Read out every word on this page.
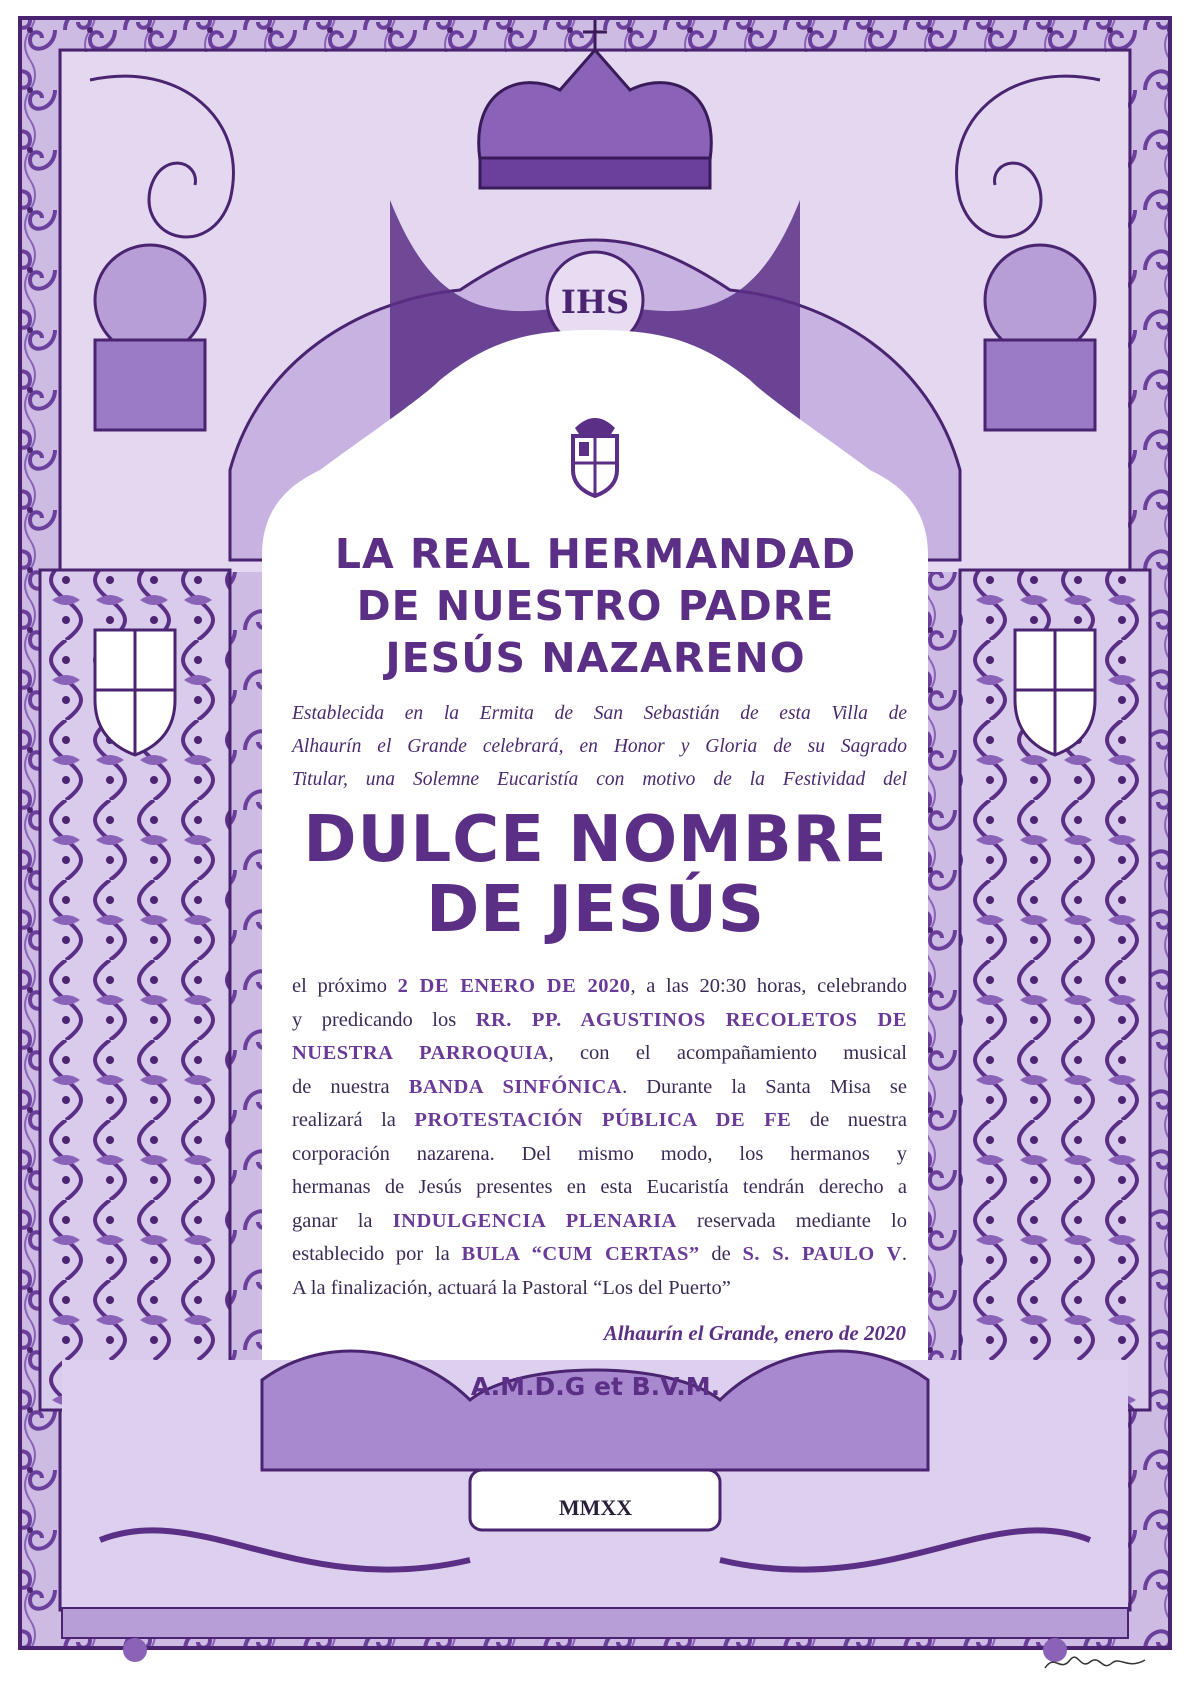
IHS
LA REAL HERMANDAD
DE NUESTRO PADRE
JESÚS NAZARENO
Establecida en la Ermita de San Sebastián de esta Villa de
Alhaurín el Grande celebrará, en Honor y Gloria de su Sagrado
Titular, una Solemne Eucaristía con motivo de la Festividad del
DULCE NOMBRE
DE JESÚS
el próximo 2 DE ENERO DE 2020, a las 20:30 horas, celebrando
y predicando los RR. PP. AGUSTINOS RECOLETOS DE
NUESTRA PARROQUIA, con el acompañamiento musical
de nuestra BANDA SINFÓNICA. Durante la Santa Misa se
realizará la PROTESTACIÓN PÚBLICA DE FE de nuestra
corporación nazarena. Del mismo modo, los hermanos y
hermanas de Jesús presentes en esta Eucaristía tendrán derecho a
ganar la INDULGENCIA PLENARIA reservada mediante lo
establecido por la BULA “CUM CERTAS” de S. S. PAULO V.
A la finalización, actuará la Pastoral “Los del Puerto”
Alhaurín el Grande, enero de 2020
A.M.D.G et B.V.M.
MMXX
